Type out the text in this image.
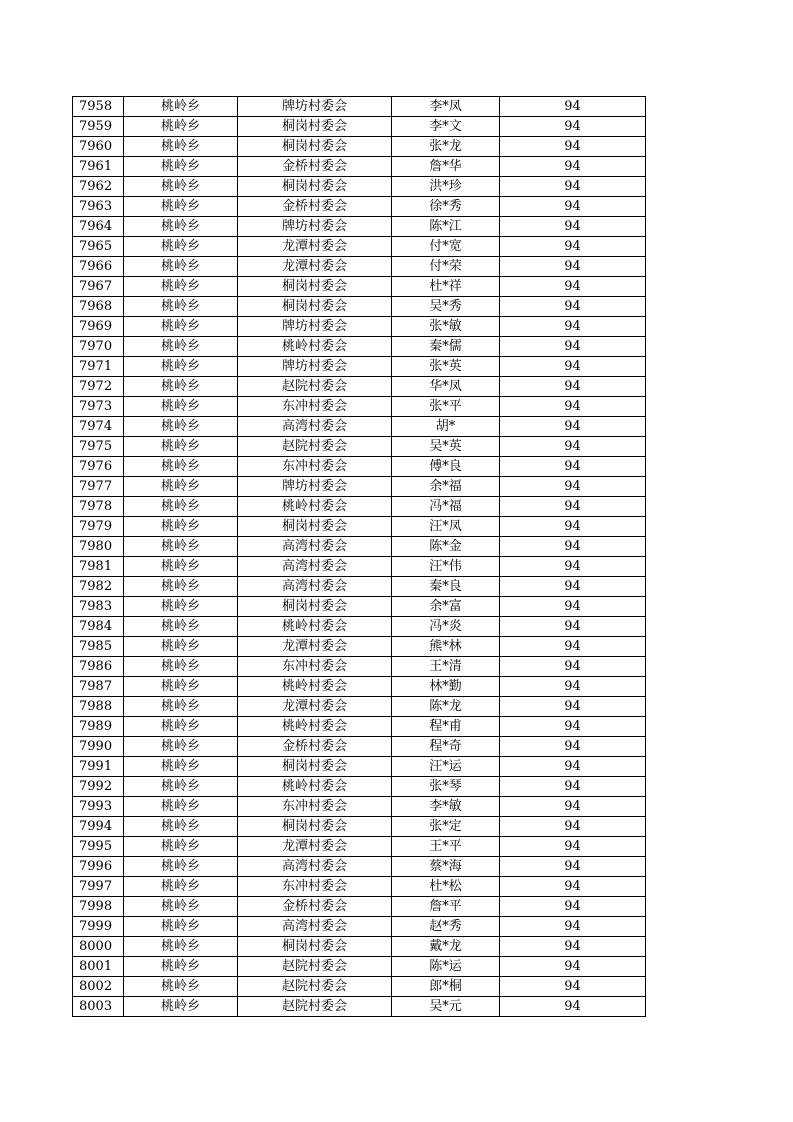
7958	桃岭乡	牌坊村委会	李*凤	94
7959	桃岭乡	桐岗村委会	李*文	94
7960	桃岭乡	桐岗村委会	张*龙	94
7961	桃岭乡	金桥村委会	詹*华	94
7962	桃岭乡	桐岗村委会	洪*珍	94
7963	桃岭乡	金桥村委会	徐*秀	94
7964	桃岭乡	牌坊村委会	陈*江	94
7965	桃岭乡	龙潭村委会	付*宽	94
7966	桃岭乡	龙潭村委会	付*荣	94
7967	桃岭乡	桐岗村委会	杜*祥	94
7968	桃岭乡	桐岗村委会	吴*秀	94
7969	桃岭乡	牌坊村委会	张*敏	94
7970	桃岭乡	桃岭村委会	秦*儒	94
7971	桃岭乡	牌坊村委会	张*英	94
7972	桃岭乡	赵院村委会	华*凤	94
7973	桃岭乡	东冲村委会	张*平	94
7974	桃岭乡	高湾村委会	胡*	94
7975	桃岭乡	赵院村委会	吴*英	94
7976	桃岭乡	东冲村委会	傅*良	94
7977	桃岭乡	牌坊村委会	余*福	94
7978	桃岭乡	桃岭村委会	冯*福	94
7979	桃岭乡	桐岗村委会	汪*凤	94
7980	桃岭乡	高湾村委会	陈*金	94
7981	桃岭乡	高湾村委会	汪*伟	94
7982	桃岭乡	高湾村委会	秦*良	94
7983	桃岭乡	桐岗村委会	余*富	94
7984	桃岭乡	桃岭村委会	冯*炎	94
7985	桃岭乡	龙潭村委会	熊*林	94
7986	桃岭乡	东冲村委会	王*清	94
7987	桃岭乡	桃岭村委会	林*勤	94
7988	桃岭乡	龙潭村委会	陈*龙	94
7989	桃岭乡	桃岭村委会	程*甫	94
7990	桃岭乡	金桥村委会	程*奇	94
7991	桃岭乡	桐岗村委会	汪*运	94
7992	桃岭乡	桃岭村委会	张*琴	94
7993	桃岭乡	东冲村委会	李*敏	94
7994	桃岭乡	桐岗村委会	张*定	94
7995	桃岭乡	龙潭村委会	王*平	94
7996	桃岭乡	高湾村委会	蔡*海	94
7997	桃岭乡	东冲村委会	杜*松	94
7998	桃岭乡	金桥村委会	詹*平	94
7999	桃岭乡	高湾村委会	赵*秀	94
8000	桃岭乡	桐岗村委会	戴*龙	94
8001	桃岭乡	赵院村委会	陈*运	94
8002	桃岭乡	赵院村委会	郎*桐	94
8003	桃岭乡	赵院村委会	吴*元	94
